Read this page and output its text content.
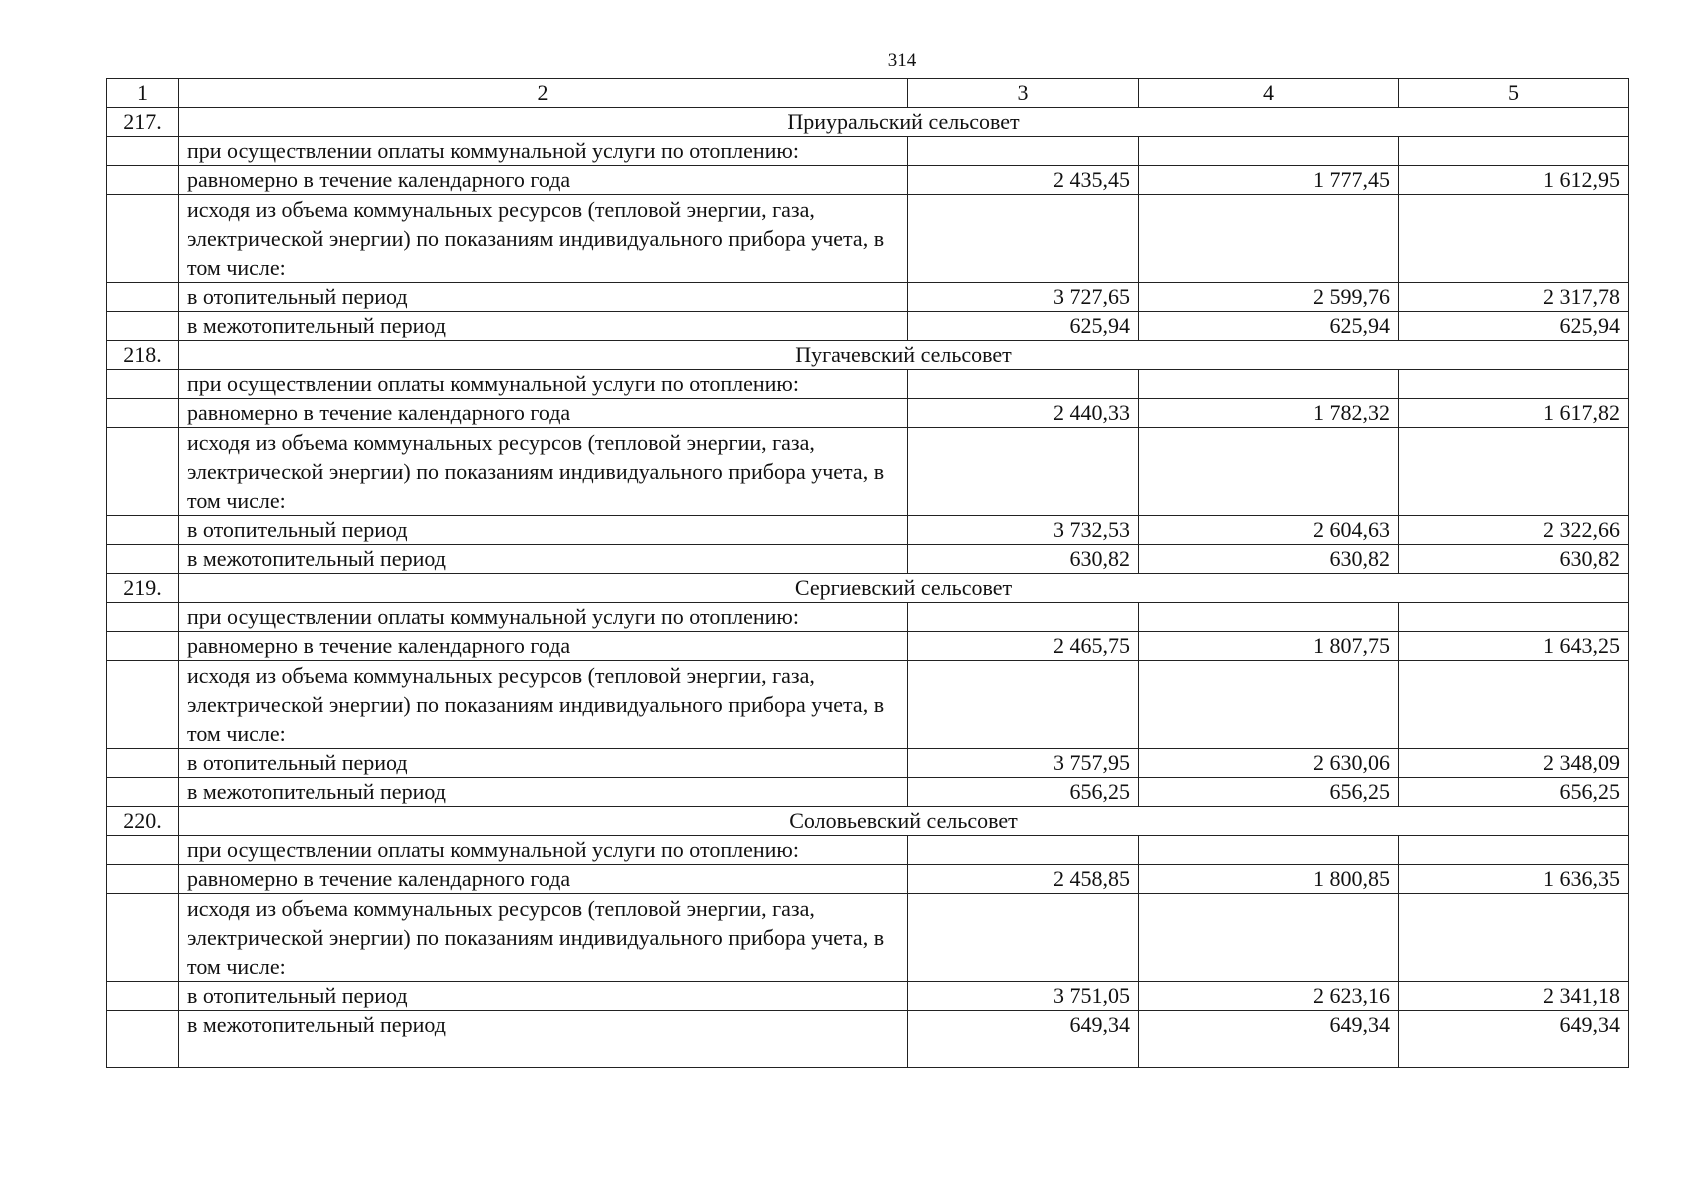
314
1	2	3	4	5
217.	Приуральский сельсовет			
	при осуществлении оплаты коммунальной услуги по отоплению:			
	равномерно в течение календарного года	2 435,45	1 777,45	1 612,95
	исходя из объема коммунальных ресурсов (тепловой энергии, газа, электрической энергии) по показаниям индивидуального прибора учета, в том числе:			
	в отопительный период	3 727,65	2 599,76	2 317,78
	в межотопительный период	625,94	625,94	625,94
218.	Пугачевский сельсовет			
	при осуществлении оплаты коммунальной услуги по отоплению:			
	равномерно в течение календарного года	2 440,33	1 782,32	1 617,82
	исходя из объема коммунальных ресурсов (тепловой энергии, газа, электрической энергии) по показаниям индивидуального прибора учета, в том числе:			
	в отопительный период	3 732,53	2 604,63	2 322,66
	в межотопительный период	630,82	630,82	630,82
219.	Сергиевский сельсовет			
	при осуществлении оплаты коммунальной услуги по отоплению:			
	равномерно в течение календарного года	2 465,75	1 807,75	1 643,25
	исходя из объема коммунальных ресурсов (тепловой энергии, газа, электрической энергии) по показаниям индивидуального прибора учета, в том числе:			
	в отопительный период	3 757,95	2 630,06	2 348,09
	в межотопительный период	656,25	656,25	656,25
220.	Соловьевский сельсовет			
	при осуществлении оплаты коммунальной услуги по отоплению:			
	равномерно в течение календарного года	2 458,85	1 800,85	1 636,35
	исходя из объема коммунальных ресурсов (тепловой энергии, газа, электрической энергии) по показаниям индивидуального прибора учета, в том числе:			
	в отопительный период	3 751,05	2 623,16	2 341,18
	в межотопительный период	649,34	649,34	649,34
